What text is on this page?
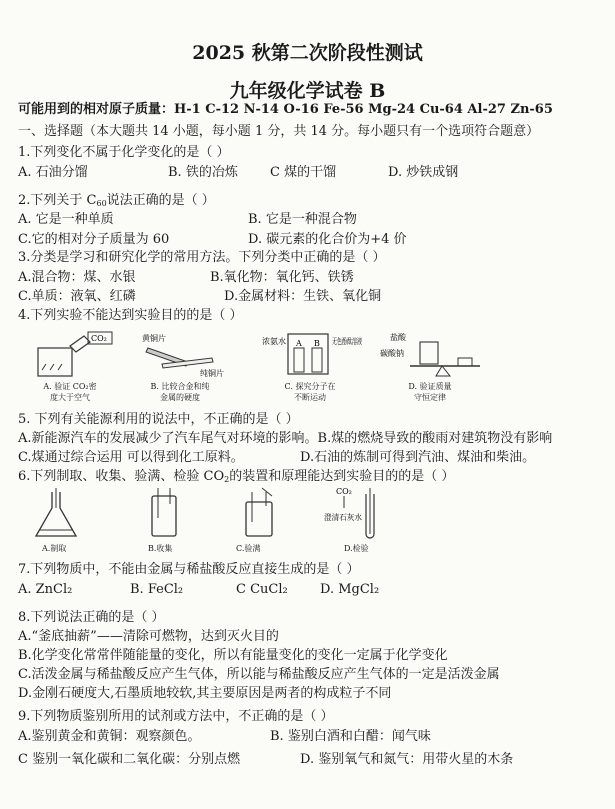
2025 秋第二次阶段性测试
九年级化学试卷 B
可能用到的相对原子质量：H-1 C-12 N-14 O-16 Fe-56 Mg-24 Cu-64 Al-27 Zn-65
一、选择题（本大题共 14 小题，每小题 1 分，共 14 分。每小题只有一个选项符合题意）
1.下列变化不属于化学变化的是（ ）
A. 石油分馏	B. 铁的冶炼 C 煤的干馏	D. 炒铁成钢
2.下列关于 $C_{60}$说法正确的是（ ）
A. 它是一种单质	B. 它是一种混合物
C.它的相对分子质量为 60	D. 碳元素的化合价为+4 价
3.分类是学习和研究化学的常用方法。下列分类中正确的是（ ）
A.混合物：煤、水银	B.氧化物：氧化钙、铁锈
C.单质：液氧、红磷	D.金属材料：生铁、氧化铜
4.下列实验不能达到实验目的的是（ ）
CO₂
A. 验证 CO₂密
度大于空气
黄铜片
纯铜片
B. 比较合金和纯
金属的硬度
浓氨水 A B 无色酚酞溶液
C. 探究分子在
不断运动
盐酸
碳酸钠
D. 验证质量
守恒定律
5. 下列有关能源利用的说法中，不正确的是（ ）
A.新能源汽车的发展减少了汽车尾气对环境的影响。B.煤的燃烧导致的酸雨对建筑物没有影响
C.煤通过综合运用 可以得到化工原料。	D.石油的炼制可得到汽油、煤油和柴油。
6.下列制取、收集、验满、检验 $CO_2$的装置和原理能达到实验目的的是（ ）
A.制取	B.收集	C.验满
CO₂
澄清石灰水
D.检验
7.下列物质中，不能由金属与稀盐酸反应直接生成的是（ ）
A. ZnCl₂	B. FeCl₂	C CuCl₂ D. MgCl₂
8.下列说法正确的是（ ）
A.“釜底抽薪”——清除可燃物，达到灭火目的
B.化学变化常常伴随能量的变化，所以有能量变化的变化一定属于化学变化
C.活泼金属与稀盐酸反应产生气体，所以能与稀盐酸反应产生气体的一定是活泼金属
D.金刚石硬度大,石墨质地较软,其主要原因是两者的构成粒子不同
9.下列物质鉴别所用的试剂或方法中，不正确的是（ ）
A.鉴别黄金和黄铜：观察颜色。	B. 鉴别白酒和白醋：闻气味
C 鉴别一氧化碳和二氧化碳：分别点燃	D. 鉴别氧气和氮气：用带火星的木条
